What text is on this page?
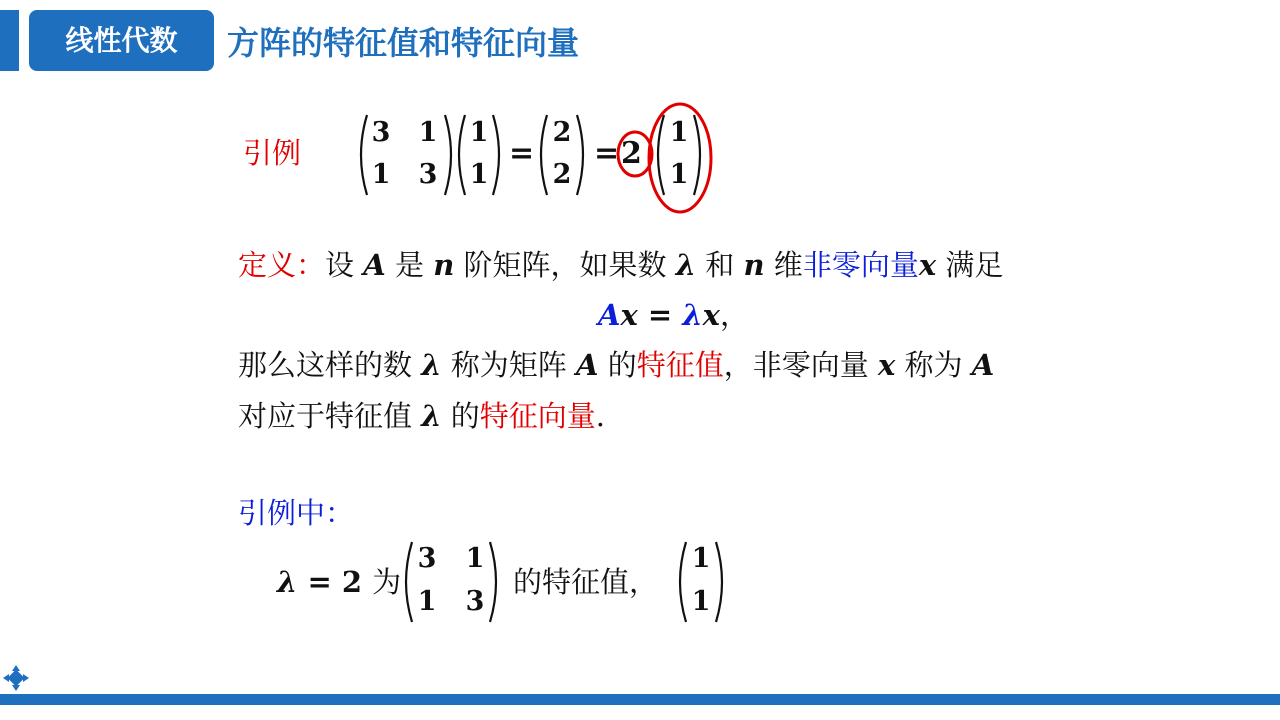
线性代数	方阵的特征值和特征向量
引例
3 1
1 3
1
1
=
2
2
= 2
1
1
定义：设 A 是 n 阶矩阵，如果数 λ 和 n 维非零向量x 满足
Ax = λx，
那么这样的数 λ 称为矩阵 A 的特征值，非零向量 x 称为 A
对应于特征值 λ 的特征向量.
引例中：
λ = 2 为
3 1
1 3
的特征值，
1
1
